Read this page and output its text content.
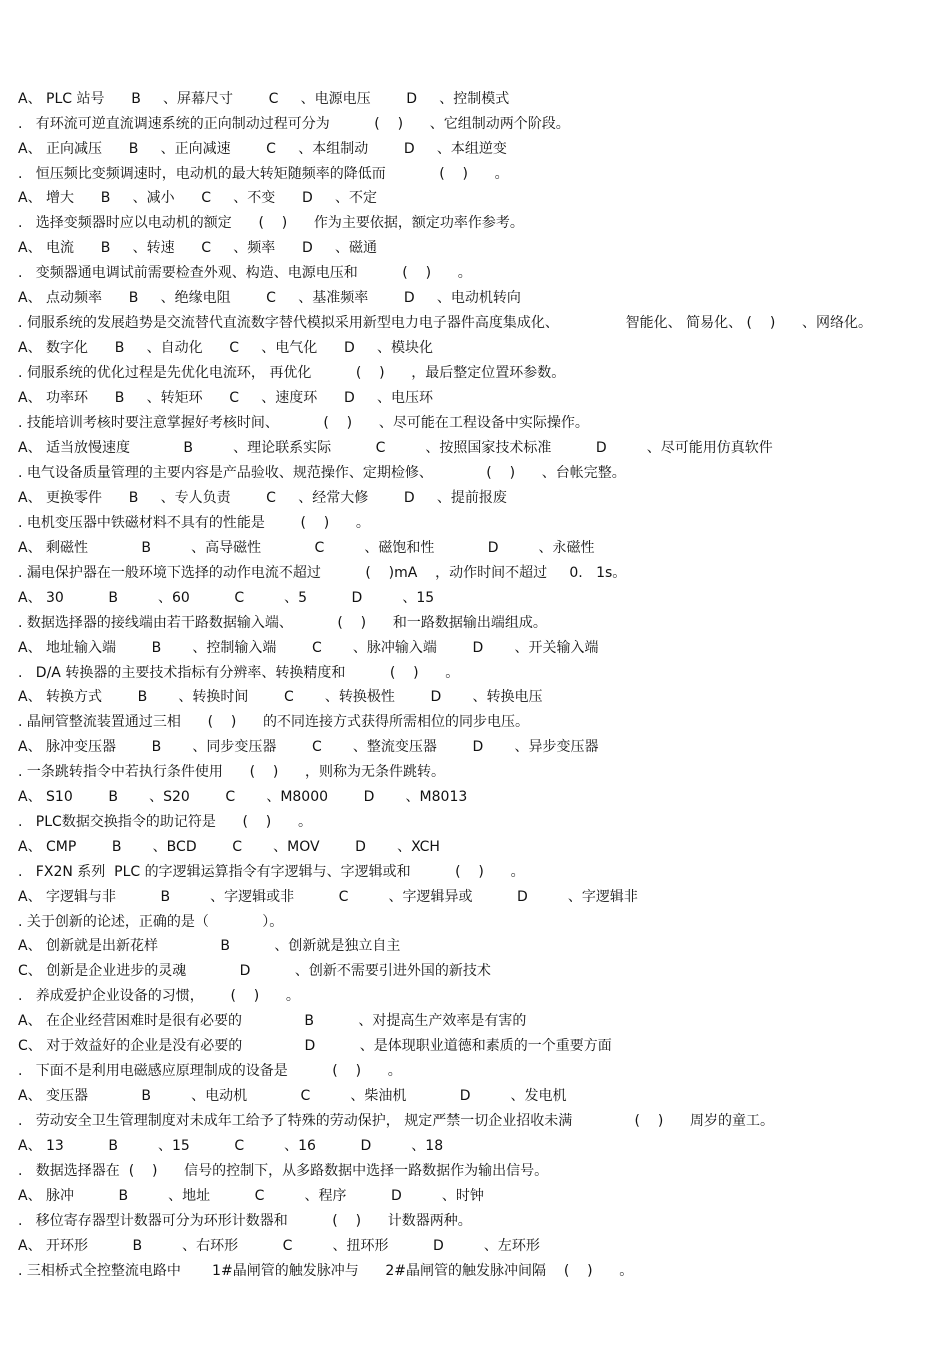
A、 PLC 站号      B     、屏幕尺寸        C     、电源电压        D     、控制模式
.   有环流可逆直流调速系统的正向制动过程可分为          (    )      、它组制动两个阶段。
A、 正向减压      B     、正向减速        C     、本组制动        D     、本组逆变
.   恒压频比变频调速时，电动机的最大转矩随频率的降低而            (    )      。
A、 增大      B     、减小      C     、不变      D     、不定
.   选择变频器时应以电动机的额定      (    )      作为主要依据，额定功率作参考。
A、 电流      B     、转速      C     、频率      D     、磁通
.   变频器通电调试前需要检查外观、构造、电源电压和          (    )      。
A、 点动频率      B     、绝缘电阻        C     、基准频率        D     、电动机转向
. 伺服系统的发展趋势是交流替代直流数字替代模拟采用新型电力电子器件高度集成化、               智能化、 简易化、 (    )      、网络化。
A、 数字化      B     、自动化      C     、电气化      D     、模块化
. 伺服系统的优化过程是先优化电流环， 再优化          (    )      ，最后整定位置环参数。
A、 功率环      B     、转矩环      C     、速度环      D     、电压环
. 技能培训考核时要注意掌握好考核时间、          (    )      、尽可能在工程设备中实际操作。
A、 适当放慢速度            B         、理论联系实际          C         、按照国家技术标准          D         、尽可能用仿真软件
. 电气设备质量管理的主要内容是产品验收、规范操作、定期检修、            (    )      、台帐完整。
A、 更换零件      B     、专人负责        C     、经常大修        D     、提前报废
. 电机变压器中铁磁材料不具有的性能是        (    )      。
A、 剩磁性            B         、高导磁性            C         、磁饱和性            D         、永磁性
. 漏电保护器在一般环境下选择的动作电流不超过          (    )mA    ，动作时间不超过     0.   1s。
A、 30          B         、60          C         、5          D         、15
. 数据选择器的接线端由若干路数据输入端、          (    )      和一路数据输出端组成。
A、 地址输入端        B       、控制输入端        C       、脉冲输入端        D       、开关输入端
.   D/A 转换器的主要技术指标有分辨率、转换精度和          (    )      。
A、 转换方式        B       、转换时间        C       、转换极性        D       、转换电压
. 晶闸管整流装置通过三相      (    )      的不同连接方式获得所需相位的同步电压。
A、 脉冲变压器        B       、同步变压器        C       、整流变压器        D       、异步变压器
. 一条跳转指令中若执行条件使用      (    )      ，则称为无条件跳转。
A、 S10        B       、S20        C       、M8000        D       、M8013
.   PLC数据交换指令的助记符是      (    )      。
A、 CMP        B       、BCD        C       、MOV        D       、XCH
.   FX2N 系列  PLC 的字逻辑运算指令有字逻辑与、字逻辑或和          (    )      。
A、 字逻辑与非          B         、字逻辑或非          C         、字逻辑异或          D         、字逻辑非
. 关于创新的论述，正确的是（            ）。
A、 创新就是出新花样              B          、创新就是独立自主
C、 创新是企业进步的灵魂            D          、创新不需要引进外国的新技术
.   养成爱护企业设备的习惯，      (    )      。
A、 在企业经营困难时是很有必要的              B          、对提高生产效率是有害的
C、 对于效益好的企业是没有必要的              D          、是体现职业道德和素质的一个重要方面
.   下面不是利用电磁感应原理制成的设备是          (    )      。
A、 变压器            B         、电动机            C         、柴油机            D         、发电机
.   劳动安全卫生管理制度对未成年工给予了特殊的劳动保护， 规定严禁一切企业招收未满              (    )      周岁的童工。
A、 13          B         、15          C         、16          D         、18
.   数据选择器在  (    )      信号的控制下，从多路数据中选择一路数据作为输出信号。
A、 脉冲          B         、地址          C         、程序          D         、时钟
.   移位寄存器型计数器可分为环形计数器和          (    )      计数器两种。
A、 开环形          B         、右环形          C         、扭环形          D         、左环形
. 三相桥式全控整流电路中       1#晶闸管的触发脉冲与      2#晶闸管的触发脉冲间隔    (    )      。
